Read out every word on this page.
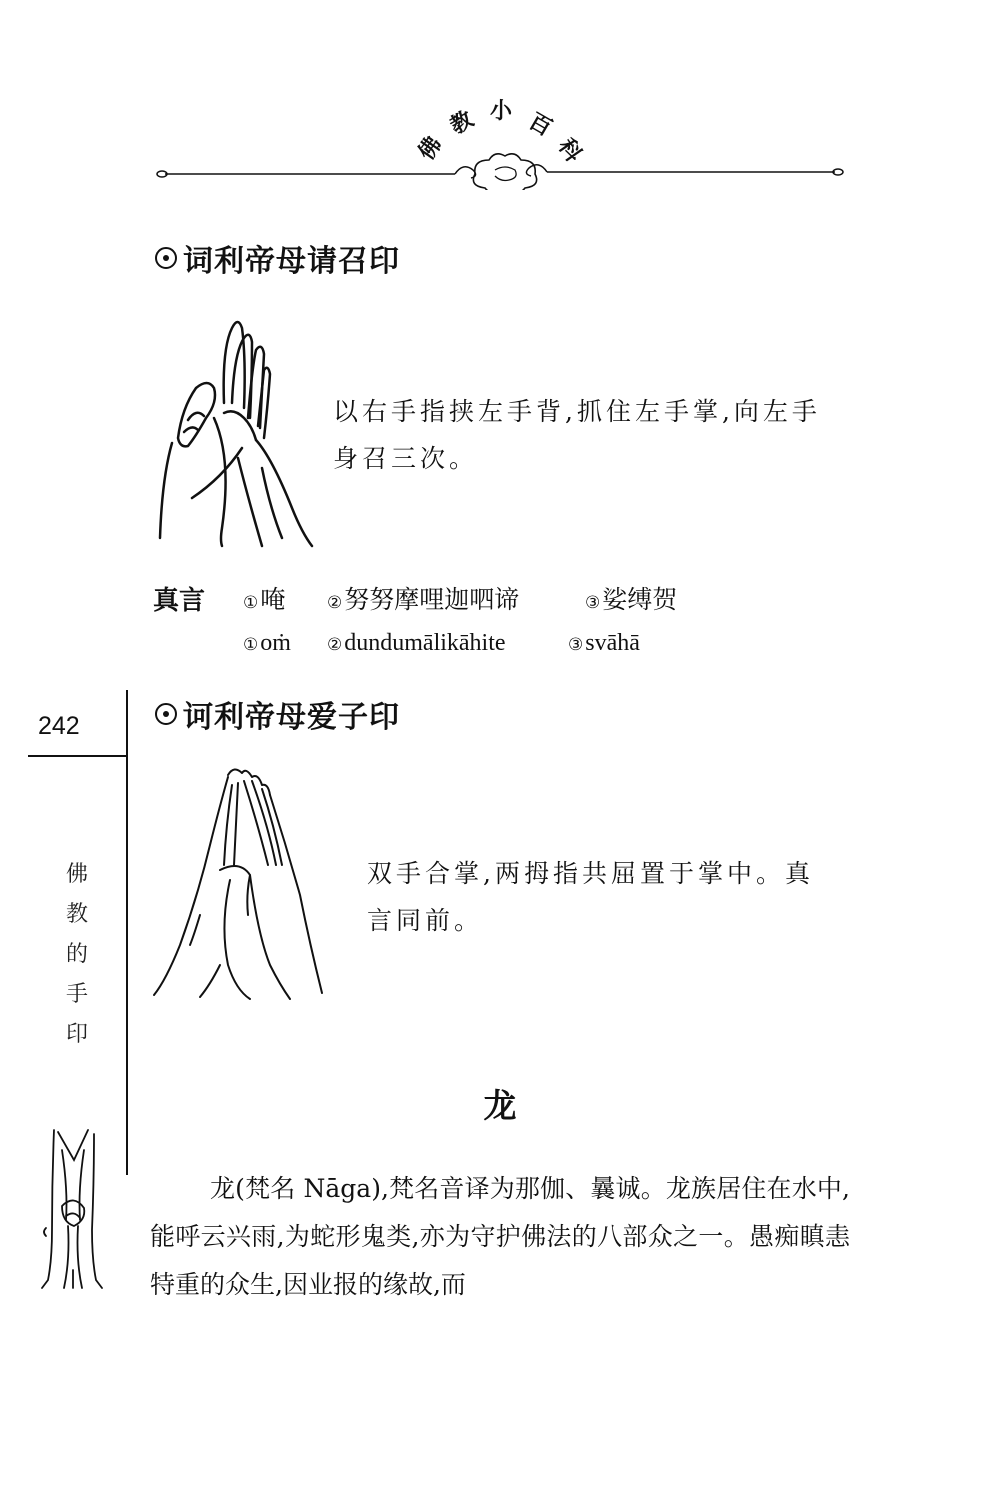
佛
教 小 百
科
词利帝母请召印
以右手指挟左手背,抓住左手掌,向左手
身召三次。
真言 ①唵 ②努努摩哩迦呬谛	③娑缚贺
①oṁ ②dundumālikāhite	③svāhā
242
佛
教
的
手
印
诃利帝母爱子印
双手合掌,两拇指共屈置于掌中。真
言同前。
龙
龙(梵名 Nāga),梵名音译为那伽、曩诚。龙族居住在水中,能呼云兴雨,为蛇形鬼类,亦为守护佛法的八部众之一。愚痴瞋恚特重的众生,因业报的缘故,而
